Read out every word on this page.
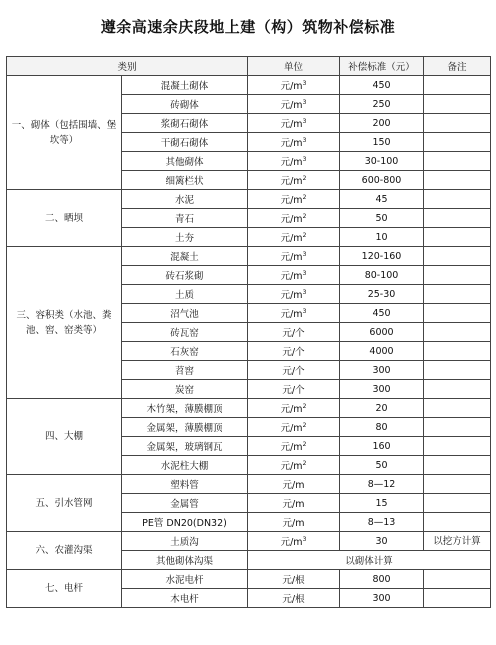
遵余高速余庆段地上建（构）筑物补偿标准
类别		单位	补偿标准（元）	备注
一、砌体（包括围墙、堡坎等）	混凝土砌体	元$/m^3$	450	
	砖砌体	元$/m^3$	250	
	浆砌石砌体	元$/m^3$	200	
	干砌石砌体	元$/m^3$	150	
	其他砌体	元$/m^3$	30-100	
	细篱栏状	元$/m^2$	600-800	
二、晒坝	水泥	元$/m^2$	45	
	青石	元$/m^2$	50	
	土夯	元$/m^2$	10	
三、容积类（水池、粪池、窖、窑类等）	混凝土	元$/m^3$	120-160	
	砖石浆砌	元$/m^3$	80-100	
	土质	元$/m^3$	25-30	
	沼气池	元$/m^3$	450	
	砖瓦窑	元/个	6000	
	石灰窑	元/个	4000	
	苕窖	元/个	300	
	炭窑	元/个	300	
四、大棚	木竹架，薄膜棚顶	元$/m^2$	20	
	金属架，薄膜棚顶	元$/m^2$	80	
	金属架，玻璃钢瓦	元$/m^2$	160	
	水泥柱大棚	元$/m^2$	50	
五、引水管网	塑料管	元/m	8—12	
	金属管	元/m	15	
	PE管 DN20(DN32)	元/m	8—13	
六、农灌沟渠	土质沟	元$/m^3$	30	以挖方计算
	其他砌体沟渠	以砌体计算		
七、电杆	水泥电杆	元/根	800	
	木电杆	元/根	300	
